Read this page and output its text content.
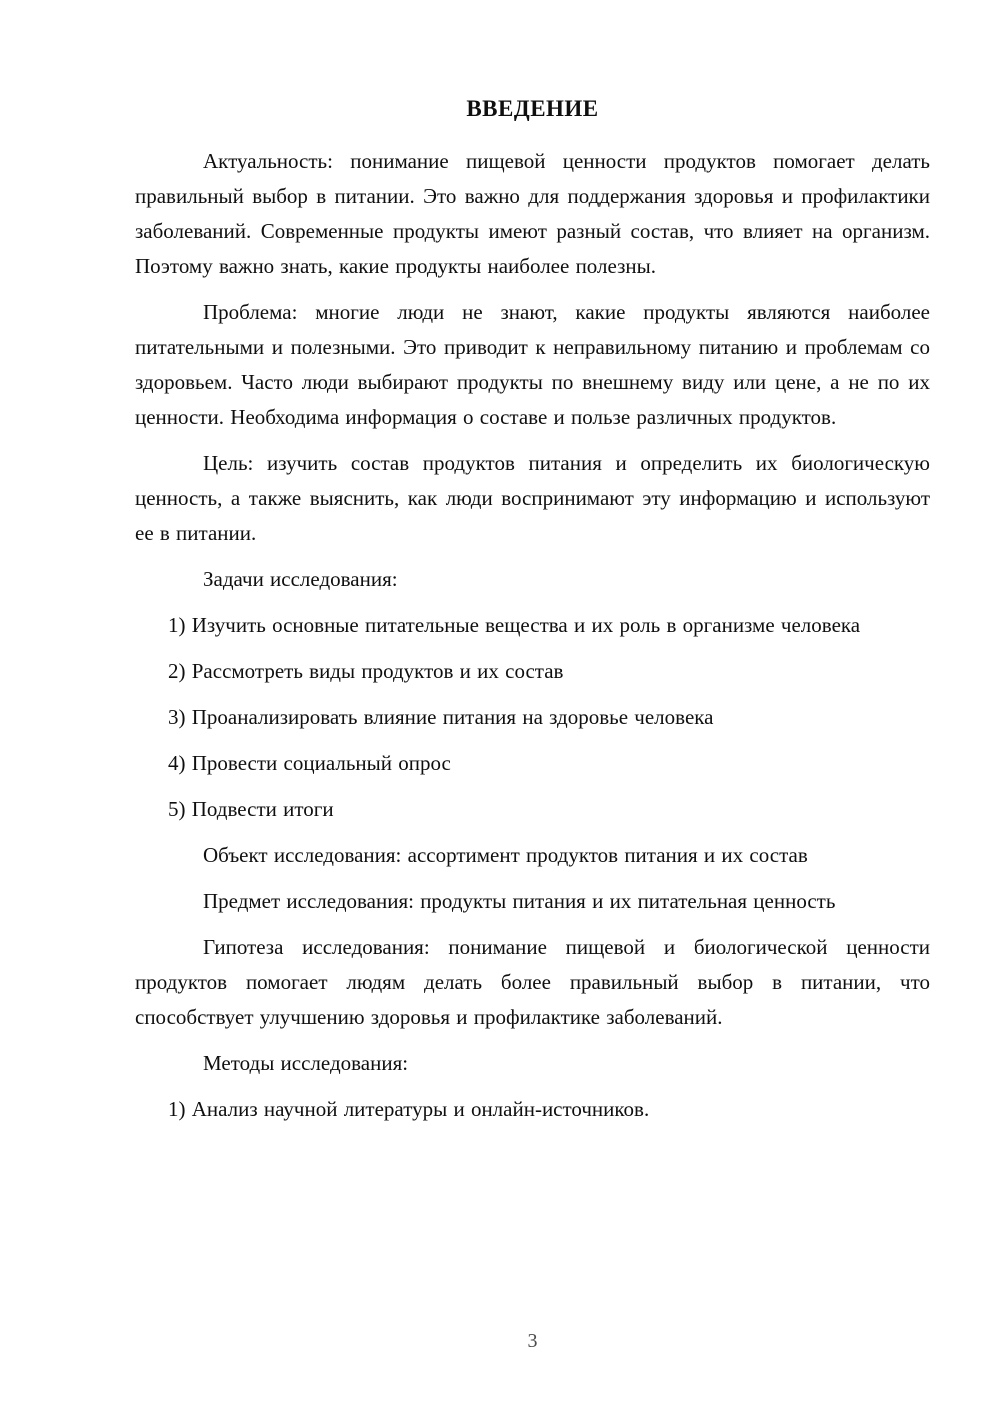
ВВЕДЕНИЕ

Актуальность: понимание пищевой ценности продуктов помогает делать правильный выбор в питании. Это важно для поддержания здоровья и профилактики заболеваний. Современные продукты имеют разный состав, что влияет на организм. Поэтому важно знать, какие продукты наиболее полезны.

Проблема: многие люди не знают, какие продукты являются наиболее питательными и полезными. Это приводит к неправильному питанию и проблемам со здоровьем. Часто люди выбирают продукты по внешнему виду или цене, а не по их ценности. Необходима информация о составе и пользе различных продуктов.

Цель: изучить состав продуктов питания и определить их биологическую ценность, а также выяснить, как люди воспринимают эту информацию и используют ее в питании.

Задачи исследования:

1) Изучить основные питательные вещества и их роль в организме человека

2) Рассмотреть виды продуктов и их состав

3) Проанализировать влияние питания на здоровье человека

4) Провести социальный опрос

5) Подвести итоги

Объект исследования: ассортимент продуктов питания и их состав

Предмет исследования: продукты питания и их питательная ценность

Гипотеза исследования: понимание пищевой и биологической ценности продуктов помогает людям делать более правильный выбор в питании, что способствует улучшению здоровья и профилактике заболеваний.

Методы исследования:

1) Анализ научной литературы и онлайн-источников.

3
